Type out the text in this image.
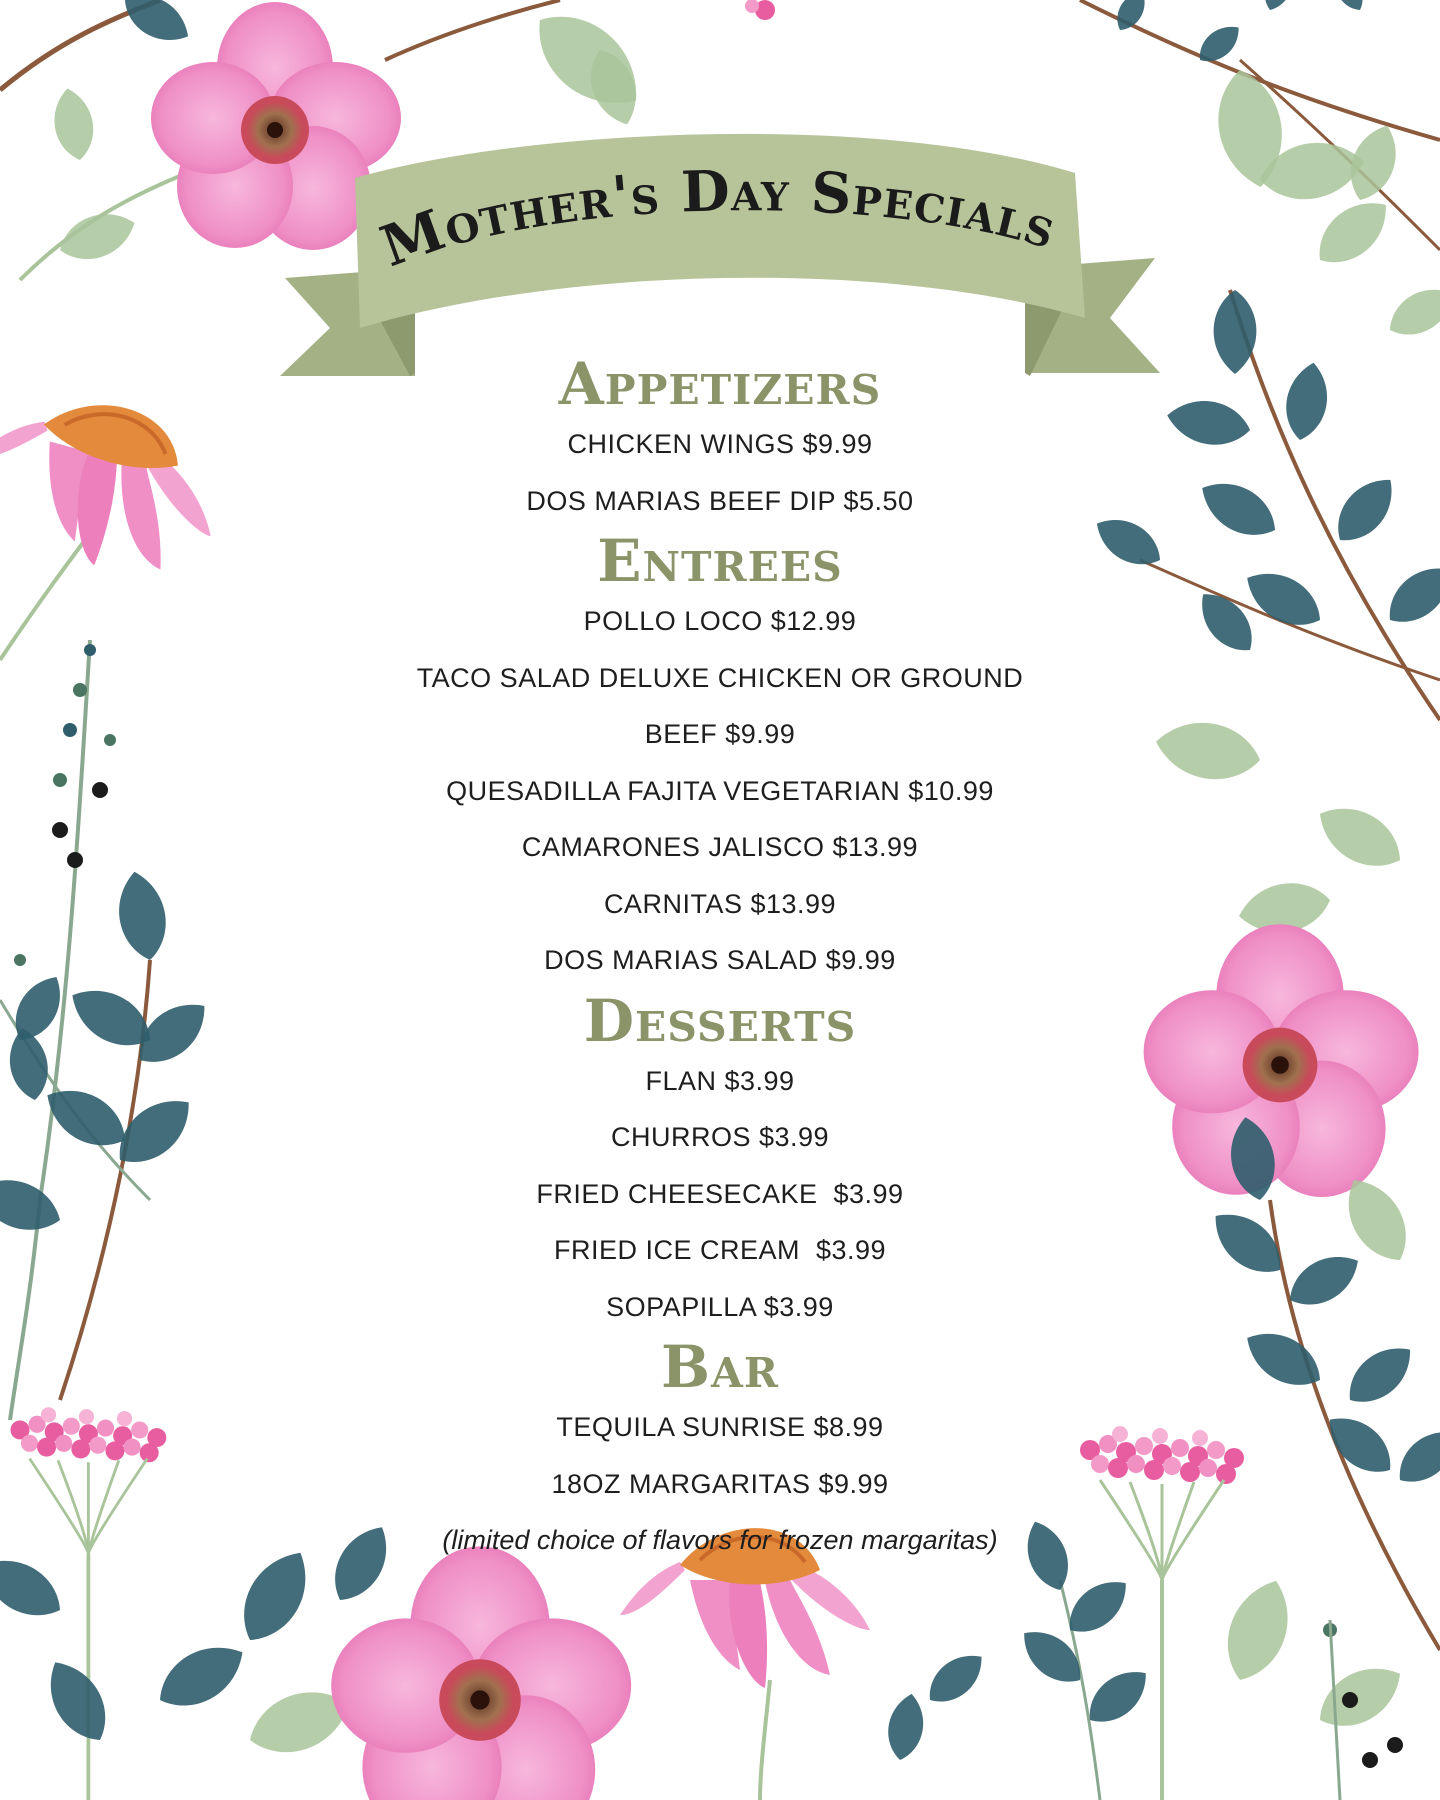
Mother's Day Specials
Appetizers

CHICKEN WINGS $9.99

DOS MARIAS BEEF DIP $5.50

Entrees

POLLO LOCO $12.99

TACO SALAD DELUXE CHICKEN OR GROUND

BEEF $9.99

QUESADILLA FAJITA VEGETARIAN $10.99

CAMARONES JALISCO $13.99

CARNITAS $13.99

DOS MARIAS SALAD $9.99

Desserts

FLAN $3.99

CHURROS $3.99

FRIED CHEESECAKE  $3.99

FRIED ICE CREAM  $3.99

SOPAPILLA $3.99

Bar

TEQUILA SUNRISE $8.99

18OZ MARGARITAS $9.99

(limited choice of flavors for frozen margaritas)
